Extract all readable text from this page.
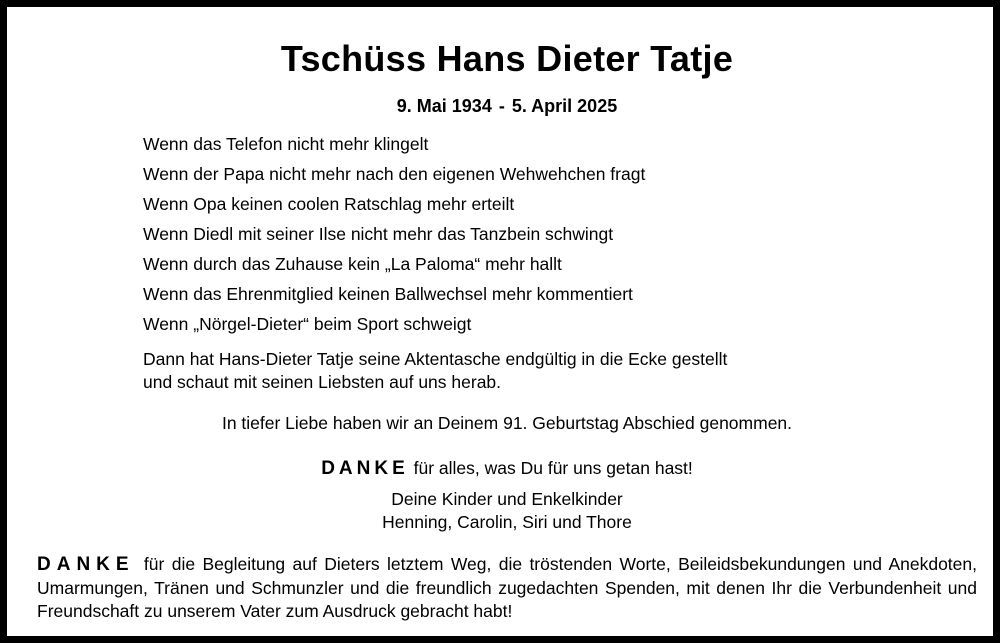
Tschüss Hans Dieter Tatje
9. Mai 1934 - 5. April 2025
Wenn das Telefon nicht mehr klingelt
Wenn der Papa nicht mehr nach den eigenen Wehwehchen fragt
Wenn Opa keinen coolen Ratschlag mehr erteilt
Wenn Diedl mit seiner Ilse nicht mehr das Tanzbein schwingt
Wenn durch das Zuhause kein „La Paloma“ mehr hallt
Wenn das Ehrenmitglied keinen Ballwechsel mehr kommentiert
Wenn „Nörgel-Dieter“ beim Sport schweigt
Dann hat Hans-Dieter Tatje seine Aktentasche endgültig in die Ecke gestellt
und schaut mit seinen Liebsten auf uns herab.
In tiefer Liebe haben wir an Deinem 91. Geburtstag Abschied genommen.
DANKE für alles, was Du für uns getan hast!
Deine Kinder und Enkelkinder
Henning, Carolin, Siri und Thore
DANKE für die Begleitung auf Dieters letztem Weg, die tröstenden Worte, Beileidsbekundungen und Anekdoten, Umarmungen, Tränen und Schmunzler und die freundlich zugedachten Spenden, mit denen Ihr die Verbundenheit und Freundschaft zu unserem Vater zum Ausdruck gebracht habt!
